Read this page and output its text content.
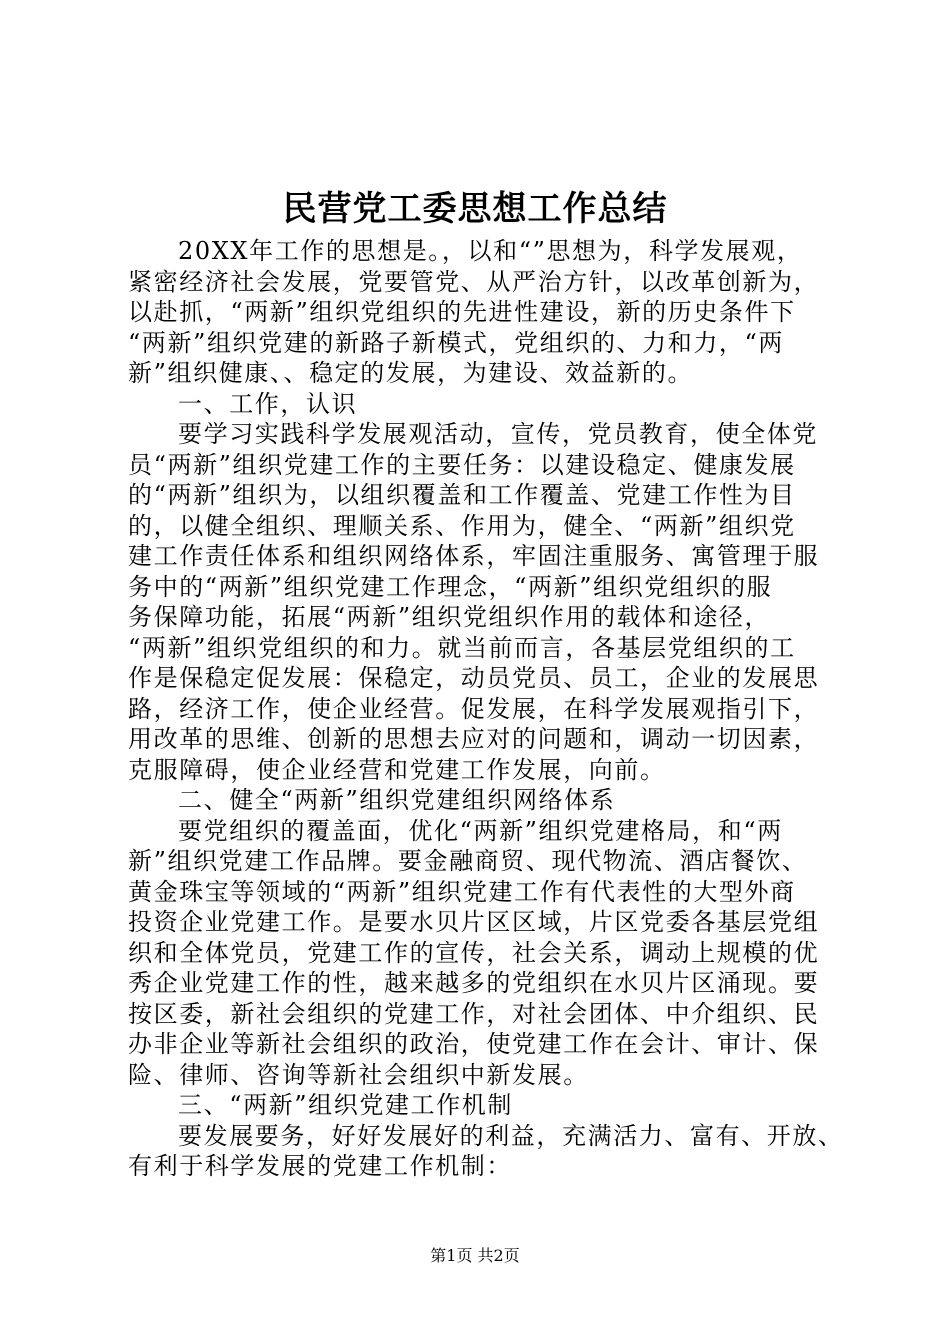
民营党工委思想工作总结

20XX年工作的思想是。，以和“”思想为，科学发展观，

紧密经济社会发展，党要管党、从严治方针，以改革创新为，

以赴抓，“两新”组织党组织的先进性建设，新的历史条件下

“两新”组织党建的新路子新模式，党组织的、力和力，“两

新”组织健康、、稳定的发展，为建设、效益新的。

一、工作，认识

要学习实践科学发展观活动，宣传，党员教育，使全体党

员“两新”组织党建工作的主要任务：以建设稳定、健康发展

的“两新”组织为，以组织覆盖和工作覆盖、党建工作性为目

的，以健全组织、理顺关系、作用为，健全、“两新”组织党

建工作责任体系和组织网络体系，牢固注重服务、寓管理于服

务中的“两新”组织党建工作理念，“两新”组织党组织的服

务保障功能，拓展“两新”组织党组织作用的载体和途径，

“两新”组织党组织的和力。就当前而言，各基层党组织的工

作是保稳定促发展：保稳定，动员党员、员工，企业的发展思

路，经济工作，使企业经营。促发展，在科学发展观指引下，

用改革的思维、创新的思想去应对的问题和，调动一切因素，

克服障碍，使企业经营和党建工作发展，向前。

二、健全“两新”组织党建组织网络体系

要党组织的覆盖面，优化“两新”组织党建格局，和“两

新”组织党建工作品牌。要金融商贸、现代物流、酒店餐饮、

黄金珠宝等领域的“两新”组织党建工作有代表性的大型外商

投资企业党建工作。是要水贝片区区域，片区党委各基层党组

织和全体党员，党建工作的宣传，社会关系，调动上规模的优

秀企业党建工作的性，越来越多的党组织在水贝片区涌现。要

按区委，新社会组织的党建工作，对社会团体、中介组织、民

办非企业等新社会组织的政治，使党建工作在会计、审计、保

险、律师、咨询等新社会组织中新发展。

三、“两新”组织党建工作机制

要发展要务，好好发展好的利益，充满活力、富有、开放、

有利于科学发展的党建工作机制：

第1页 共2页
